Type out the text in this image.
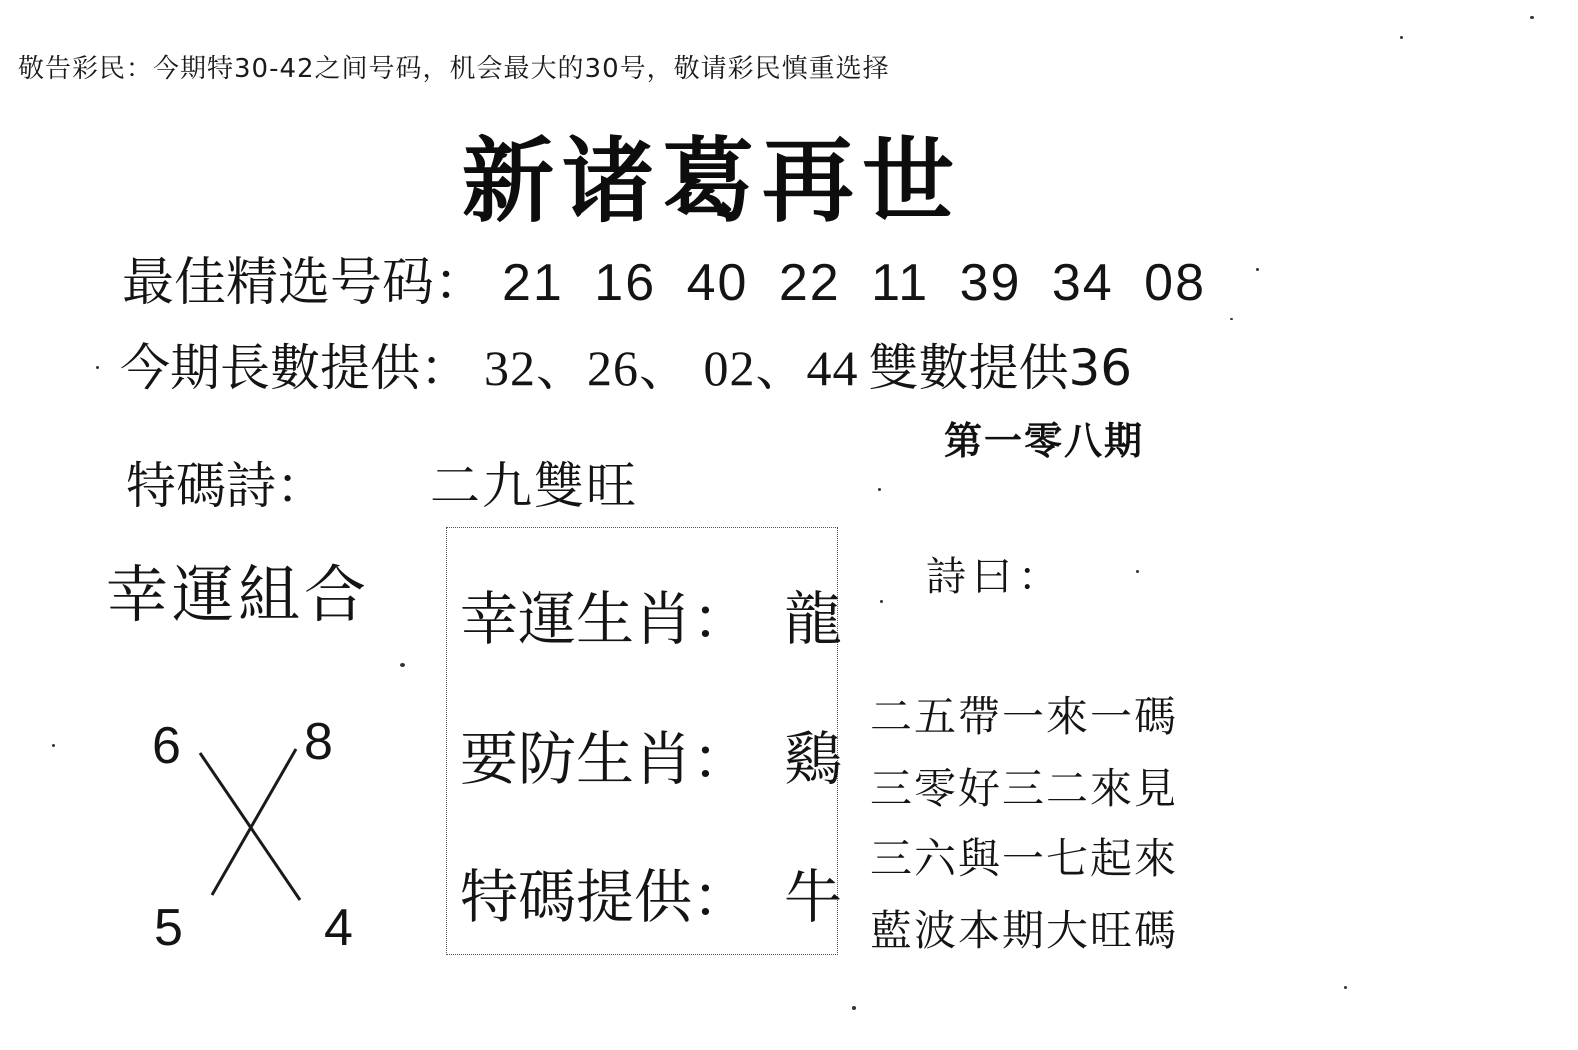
敬告彩民：今期特30-42之间号码，机会最大的30号，敬请彩民慎重选择
新诸葛再世
最佳精选号码： 21 16 40 22 11 39 34 08
今期長數提供： 32、26、 02、44 雙數提供36
第一零八期
特碼詩： 二九雙旺
幸運組合	詩曰：
幸運生肖： 龍
要防生肖： 鷄
特碼提供： 牛
二五帶一來一碼
三零好三二來見
三六與一七起來
藍波本期大旺碼
6 8
5	4
